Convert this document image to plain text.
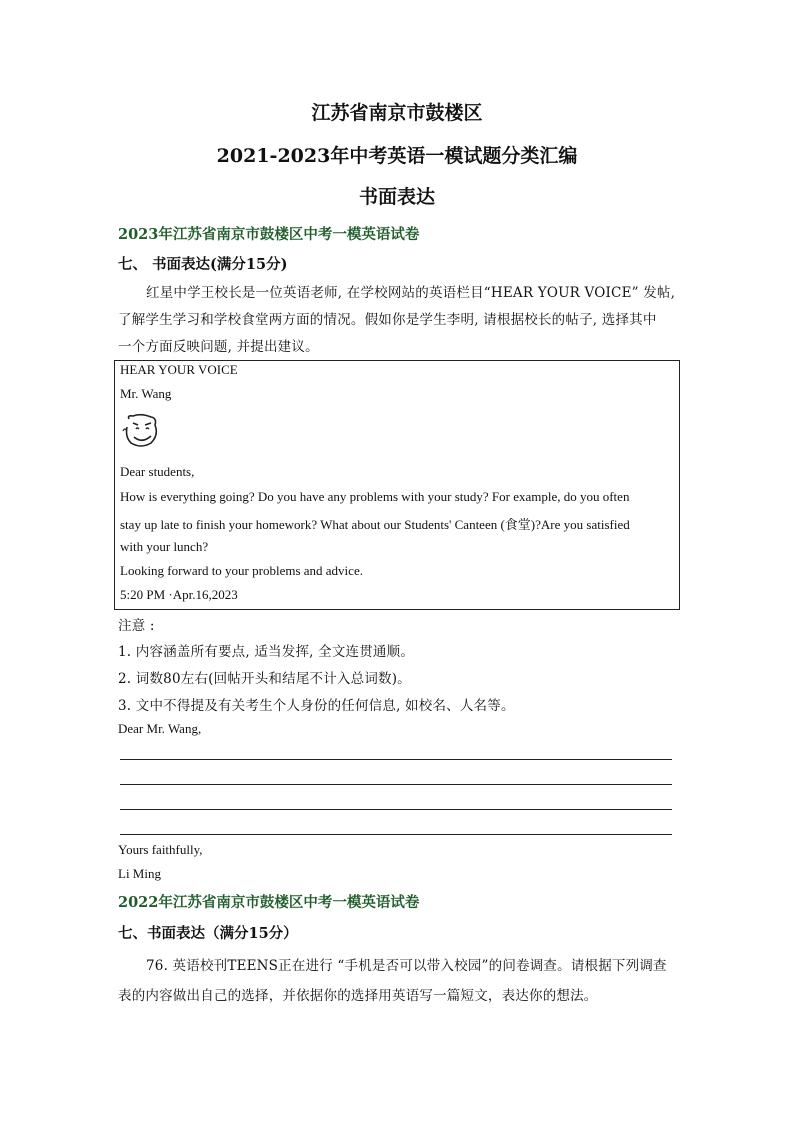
江苏省南京市鼓楼区
2021-2023年中考英语一模试题分类汇编
书面表达
2023年江苏省南京市鼓楼区中考一模英语试卷
七、 书面表达(满分15分)
红星中学王校长是一位英语老师, 在学校网站的英语栏目“HEAR YOUR VOICE” 发帖,
了解学生学习和学校食堂两方面的情况。假如你是学生李明, 请根据校长的帖子, 选择其中
一个方面反映问题, 并提出建议。
HEAR YOUR VOICE
Mr. Wang
Dear students,
How is everything going? Do you have any problems with your study? For example, do you often
stay up late to finish your homework? What about our Students' Canteen (食堂)?Are you satisfied
with your lunch?
Looking forward to your problems and advice.
5:20 PM ·Apr.16,2023
注意 :
1. 内容涵盖所有要点, 适当发挥, 全文连贯通顺。
2. 词数80左右(回帖开头和结尾不计入总词数)。
3. 文中不得提及有关考生个人身份的任何信息, 如校名、人名等。
Dear Mr. Wang,
Yours faithfully,
Li Ming
2022年江苏省南京市鼓楼区中考一模英语试卷
七、书面表达（满分15分）
76. 英语校刊TEENS正在进行 “手机是否可以带入校园”的问卷调查。请根据下列调查
表的内容做出自己的选择，并依据你的选择用英语写一篇短文，表达你的想法。
